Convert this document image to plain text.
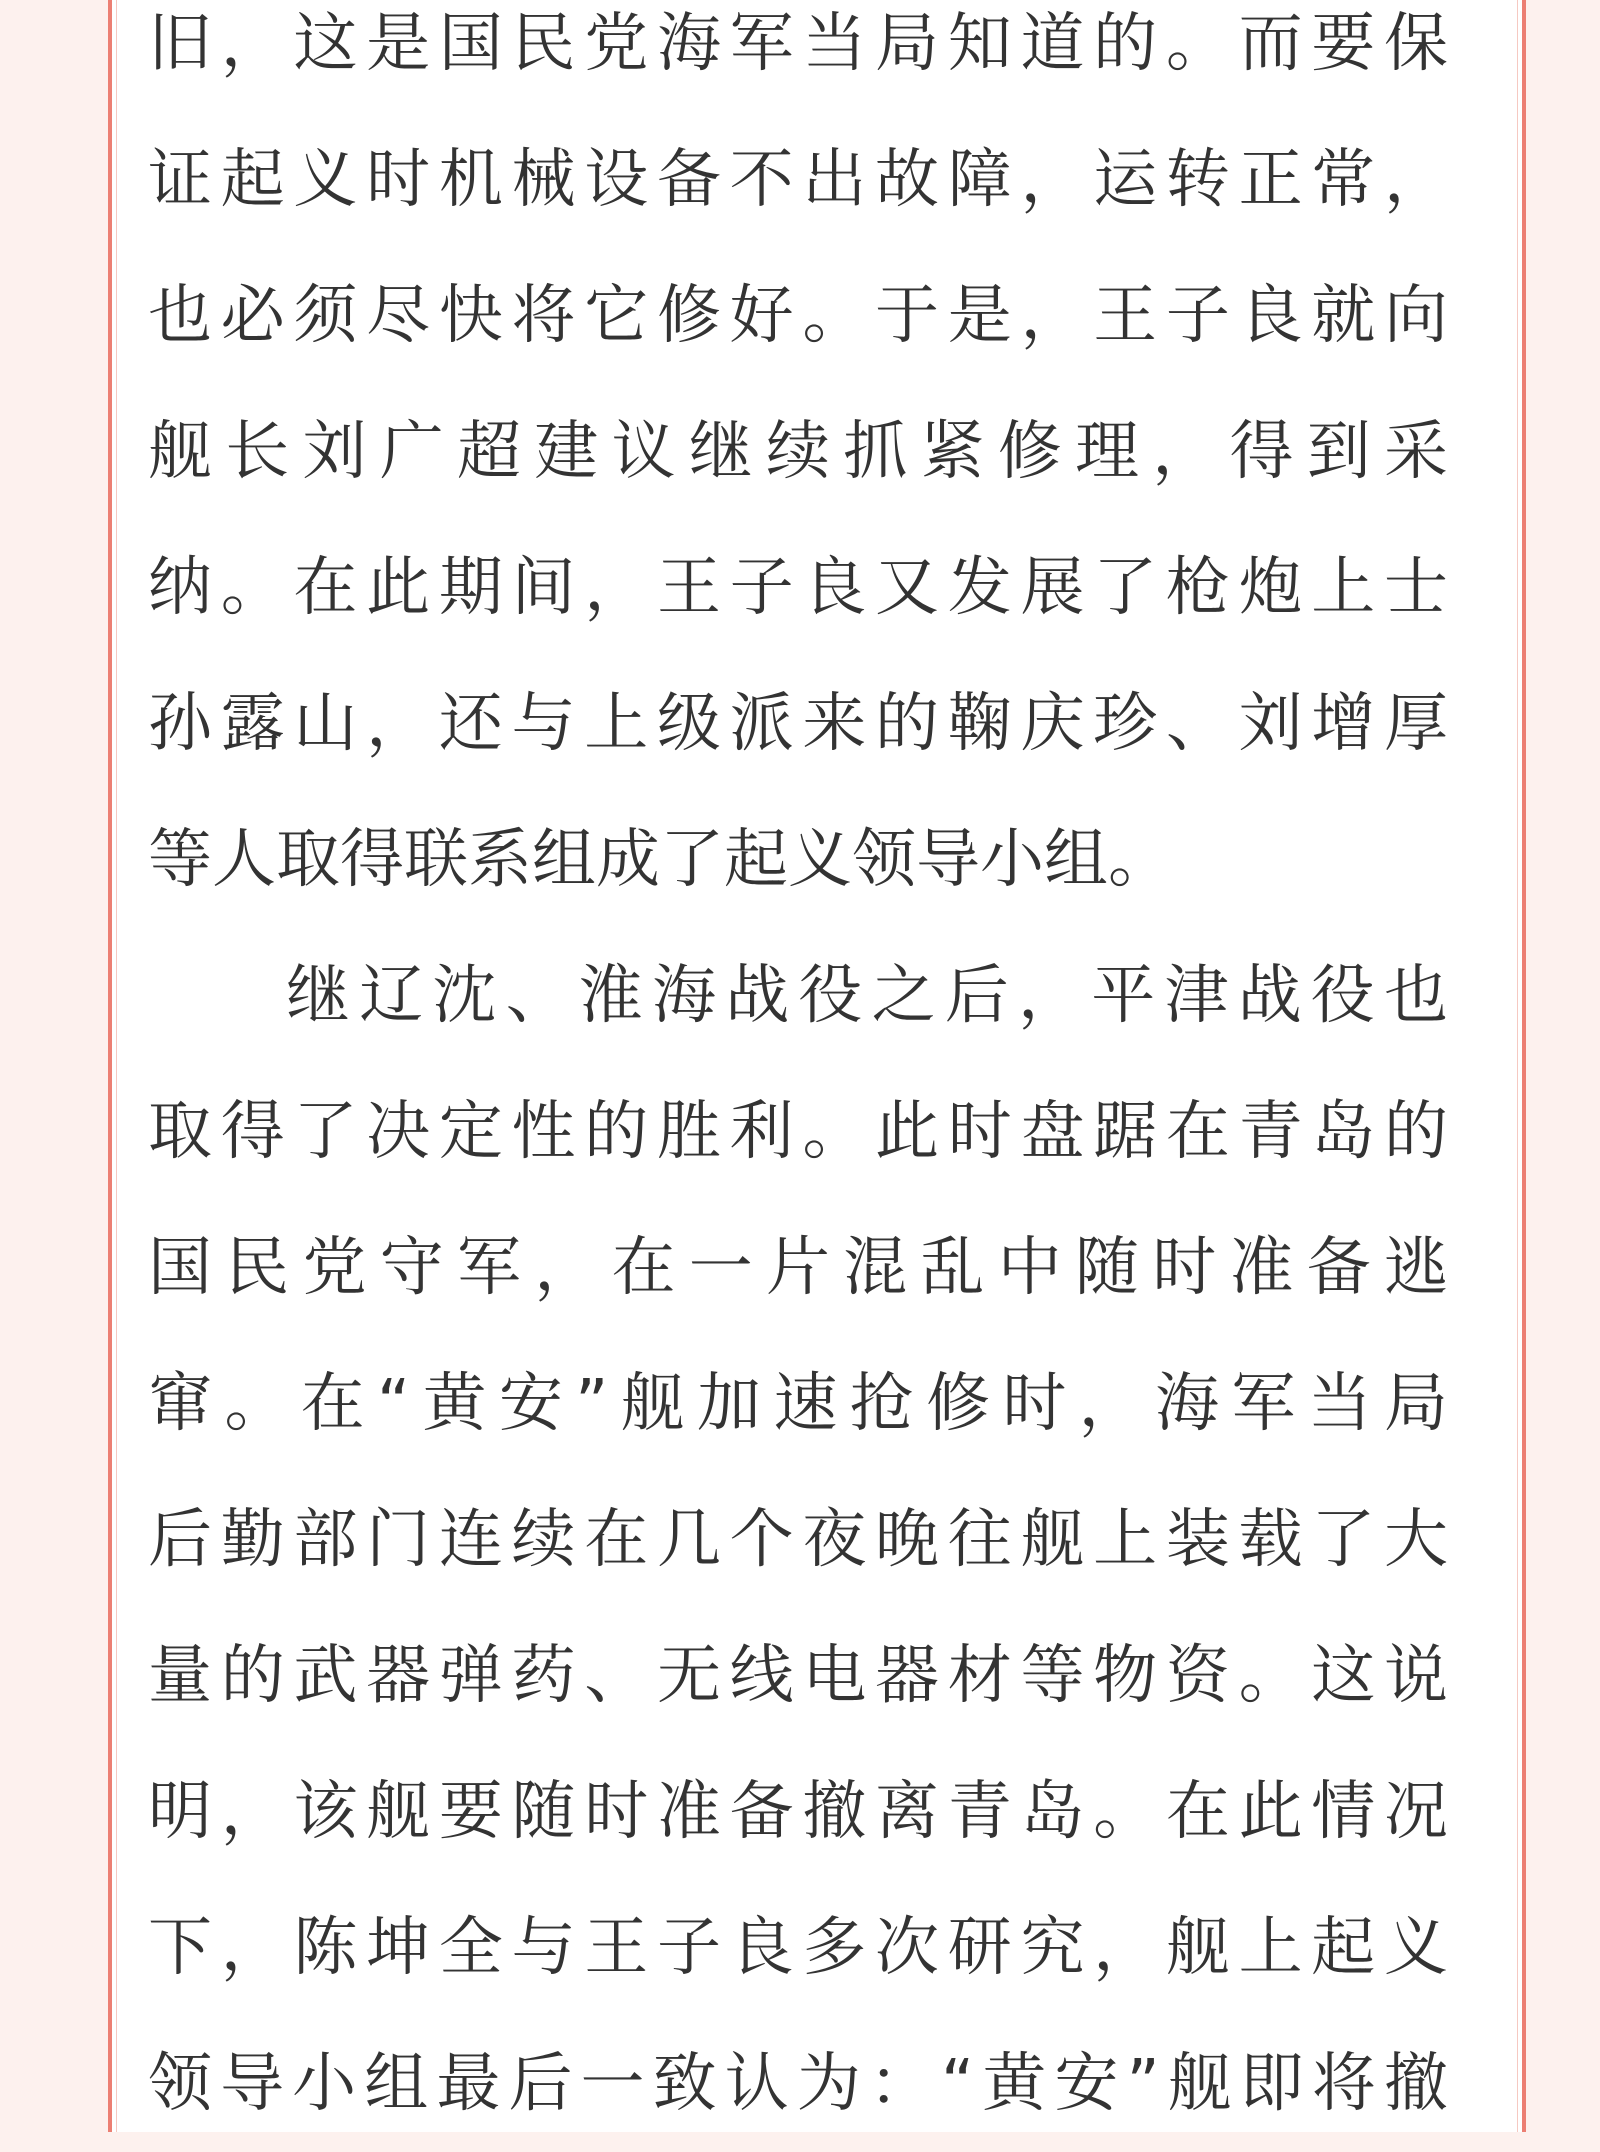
旧，这是国民党海军当局知道的。而要保
证起义时机械设备不出故障，运转正常，
也必须尽快将它修好。于是，王子良就向
舰长刘广超建议继续抓紧修理，得到采
纳。在此期间，王子良又发展了枪炮上士
孙露山，还与上级派来的鞠庆珍、刘增厚
等人取得联系组成了起义领导小组。
继辽沈、淮海战役之后，平津战役也
取得了决定性的胜利。此时盘踞在青岛的
国民党守军，在一片混乱中随时准备逃
窜。在“黄安”舰加速抢修时，海军当局
后勤部门连续在几个夜晚往舰上装载了大
量的武器弹药、无线电器材等物资。这说
明，该舰要随时准备撤离青岛。在此情况
下，陈坤全与王子良多次研究，舰上起义
领导小组最后一致认为：“黄安”舰即将撤
